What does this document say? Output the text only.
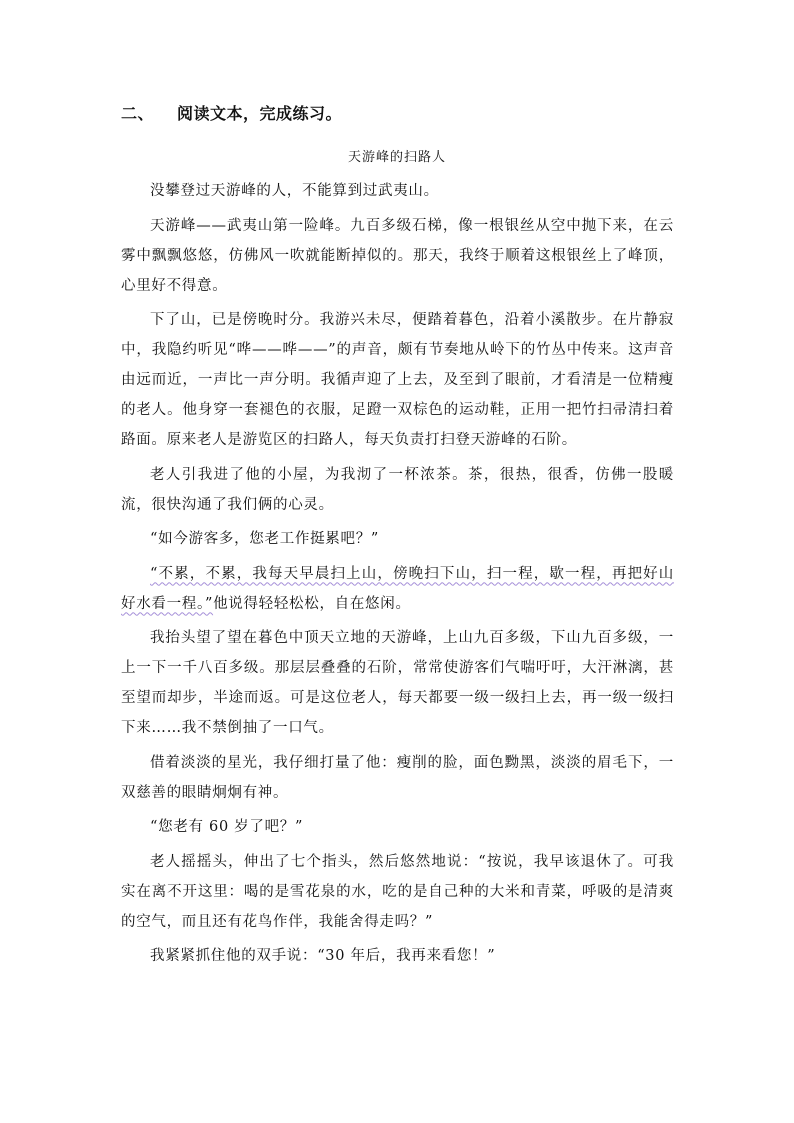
二、 阅读文本，完成练习。
天游峰的扫路人

没攀登过天游峰的人，不能算到过武夷山。

天游峰——武夷山第一险峰。九百多级石梯，像一根银丝从空中抛下来，在云雾中飘飘悠悠，仿佛风一吹就能断掉似的。那天，我终于顺着这根银丝上了峰顶，心里好不得意。

下了山，已是傍晚时分。我游兴未尽，便踏着暮色，沿着小溪散步。在片静寂中，我隐约听见“哗——哗——”的声音，颇有节奏地从岭下的竹丛中传来。这声音由远而近，一声比一声分明。我循声迎了上去，及至到了眼前，才看清是一位精瘦的老人。他身穿一套褪色的衣服，足蹬一双棕色的运动鞋，正用一把竹扫帚清扫着路面。原来老人是游览区的扫路人，每天负责打扫登天游峰的石阶。

老人引我进了他的小屋，为我沏了一杯浓茶。茶，很热，很香，仿佛一股暖流，很快沟通了我们俩的心灵。

“如今游客多，您老工作挺累吧？”

“不累，不累，我每天早晨扫上山，傍晚扫下山，扫一程，歇一程，再把好山好水看一程。”他说得轻轻松松，自在悠闲。

我抬头望了望在暮色中顶天立地的天游峰，上山九百多级，下山九百多级，一上一下一千八百多级。那层层叠叠的石阶，常常使游客们气喘吁吁，大汗淋漓，甚至望而却步，半途而返。可是这位老人，每天都要一级一级扫上去，再一级一级扫下来……我不禁倒抽了一口气。

借着淡淡的星光，我仔细打量了他：瘦削的脸，面色黝黑，淡淡的眉毛下，一双慈善的眼睛炯炯有神。

“您老有 60 岁了吧？”

老人摇摇头，伸出了七个指头，然后悠然地说：“按说，我早该退休了。可我实在离不开这里：喝的是雪花泉的水，吃的是自己种的大米和青菜，呼吸的是清爽的空气，而且还有花鸟作伴，我能舍得走吗？”

我紧紧抓住他的双手说：“30 年后，我再来看您！”
